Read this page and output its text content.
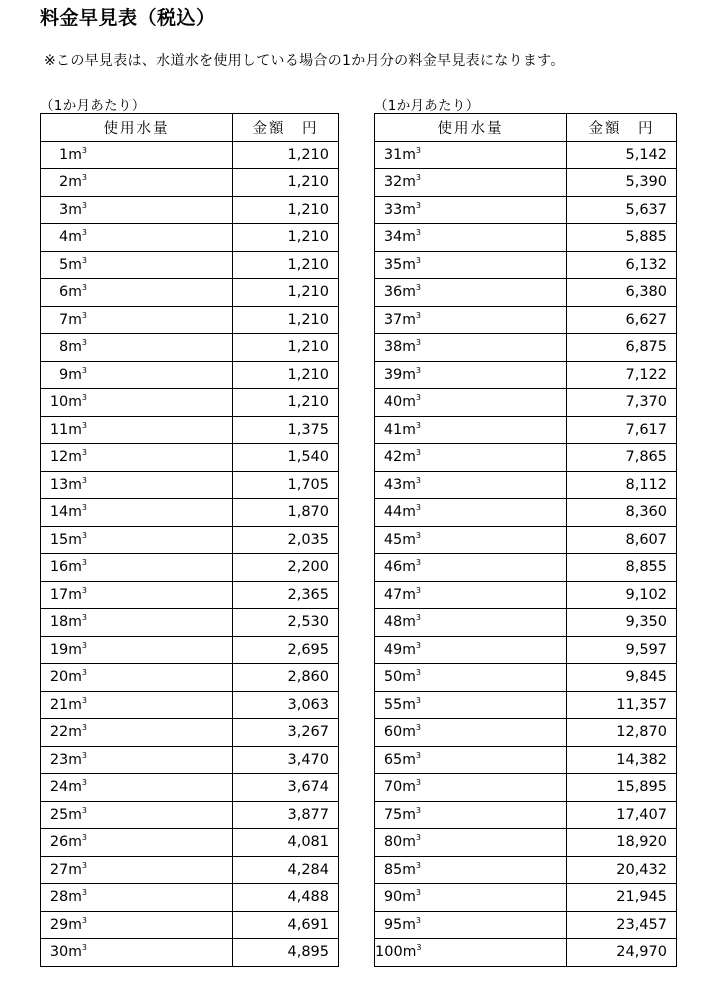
料金早見表（税込）
※この早見表は、水道水を使用している場合の1か月分の料金早見表になります。
（1か月あたり）	（1か月あたり）
使用水量	金額　円
$1m^3$	1,210
$2m^3$	1,210
$3m^3$	1,210
$4m^3$	1,210
$5m^3$	1,210
$6m^3$	1,210
$7m^3$	1,210
$8m^3$	1,210
$9m^3$	1,210
$10m^3$	1,210
$11m^3$	1,375
$12m^3$	1,540
$13m^3$	1,705
$14m^3$	1,870
$15m^3$	2,035
$16m^3$	2,200
$17m^3$	2,365
$18m^3$	2,530
$19m^3$	2,695
$20m^3$	2,860
$21m^3$	3,063
$22m^3$	3,267
$23m^3$	3,470
$24m^3$	3,674
$25m^3$	3,877
$26m^3$	4,081
$27m^3$	4,284
$28m^3$	4,488
$29m^3$	4,691
$30m^3$	4,895
使用水量	金額　円
$31m^3$	5,142
$32m^3$	5,390
$33m^3$	5,637
$34m^3$	5,885
$35m^3$	6,132
$36m^3$	6,380
$37m^3$	6,627
$38m^3$	6,875
$39m^3$	7,122
$40m^3$	7,370
$41m^3$	7,617
$42m^3$	7,865
$43m^3$	8,112
$44m^3$	8,360
$45m^3$	8,607
$46m^3$	8,855
$47m^3$	9,102
$48m^3$	9,350
$49m^3$	9,597
$50m^3$	9,845
$55m^3$	11,357
$60m^3$	12,870
$65m^3$	14,382
$70m^3$	15,895
$75m^3$	17,407
$80m^3$	18,920
$85m^3$	20,432
$90m^3$	21,945
$95m^3$	23,457
$100m^3$	24,970
